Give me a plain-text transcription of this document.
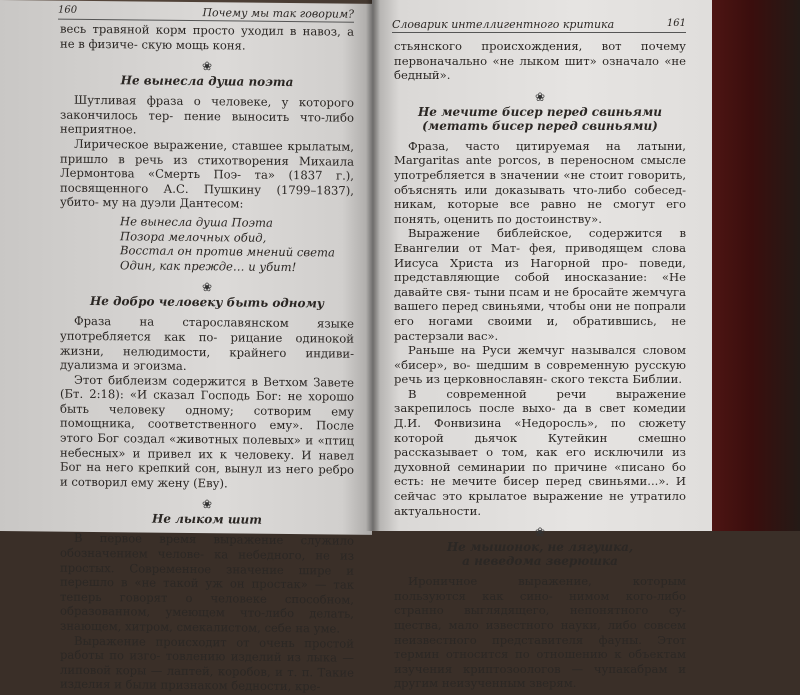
160	Почему мы так говорим?

весь травяной корм просто уходил в навоз, а не в физиче- скую мощь коня.

❀
Не вынесла душа поэта

Шутливая фраза о человеке, у которого закончилось тер- пение выносить что-либо неприятное.

Лирическое выражение, ставшее крылатым, пришло в речь из стихотворения Михаила Лермонтова «Смерть Поэ- та» (1837 г.), посвященного А.С. Пушкину (1799–1837), убито- му на дуэли Дантесом:

Не вынесла душа Поэта
Позора мелочных обид,
Восстал он против мнений света
Один, как прежде… и убит!
❀
Не добро человеку быть одному

Фраза на старославянском языке употребляется как по- рицание одинокой жизни, нелюдимости, крайнего индиви- дуализма и эгоизма.

Этот библеизм содержится в Ветхом Завете (Бт. 2:18): «И сказал Господь Бог: не хорошо быть человеку одному; сотворим ему помощника, соответственного ему». После этого Бог создал «животных полевых» и «птиц небесных» и привел их к человеку. И навел Бог на него крепкий сон, вынул из него ребро и сотворил ему жену (Еву).

❀
Не лыком шит

В первое время выражение служило обозначением челове- ка небедного, не из простых. Современное значение шире и перешло в «не такой уж он простак» — так теперь говорят о человеке способном, образованном, умеющем что-либо делать, знающем, хитром, смекалистом, себе на уме.

Выражение происходит от очень простой работы по изго- товлению изделий из лыка — липовой коры — лаптей, коробов, и т. п. Такие изделия и были признаком бедности, кре-

Словарик интеллигентного критика	161

стьянского происхождения, вот почему первоначально «не лыком шит» означало «не бедный».

❀
Не мечите бисер перед свиньями
(метать бисер перед свиньями)

Фраза, часто цитируемая на латыни, Margaritas ante porcos, в переносном смысле употребляется в значении «не стоит говорить, объяснять или доказывать что-либо собесед- никам, которые все равно не смогут его понять, оценить по достоинству».

Выражение библейское, содержится в Евангелии от Мат- фея, приводящем слова Иисуса Христа из Нагорной про- поведи, представляющие собой иносказание: «Не давайте свя- тыни псам и не бросайте жемчуга вашего перед свиньями, чтобы они не попрали его ногами своими и, обратившись, не растерзали вас».

Раньше на Руси жемчуг назывался словом «бисер», во- шедшим в современную русскую речь из церковнославян- ского текста Библии.

В современной речи выражение закрепилось после выхо- да в свет комедии Д.И. Фонвизина «Недоросль», по сюжету которой дьячок Кутейкин смешно рассказывает о том, как его исключили из духовной семинарии по причине «писано бо есть: не мечите бисер перед свиньями...». И сейчас это крылатое выражение не утратило актуальности.

❀
Не мышонок, не лягушка,
а неведома зверюшка

Ироничное выражение, которым пользуются как сино- нимом кого-либо странно выглядящего, непонятного су- щества, мало известного науки, либо совсем неизвестного представителя фауны. Этот термин относится по отношению к объектам изучения криптозоологов — чупакабрам и другим неизученным зверям.
